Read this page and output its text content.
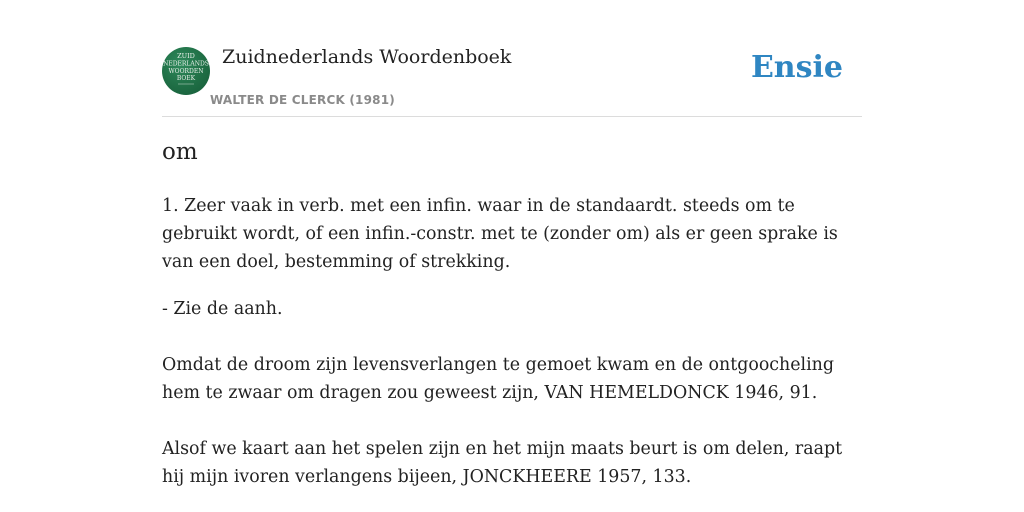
ZUID
NEDERLANDS
WOORDEN
BOEK
Zuidnederlands Woordenboek
WALTER DE CLERCK (1981)
Ensie
om

1. Zeer vaak in verb. met een infin. waar in de standaardt. steeds om te gebruikt wordt, of een infin.-constr. met te (zonder om) als er geen sprake is van een doel, bestemming of strekking.

- Zie de aanh.

Omdat de droom zijn levensverlangen te gemoet kwam en de ontgoocheling hem te zwaar om dragen zou geweest zijn, VAN HEMELDONCK 1946, 91.

Alsof we kaart aan het spelen zijn en het mijn maats beurt is om delen, raapt hij mijn ivoren verlangens bijeen, JONCKHEERE 1957, 133.
